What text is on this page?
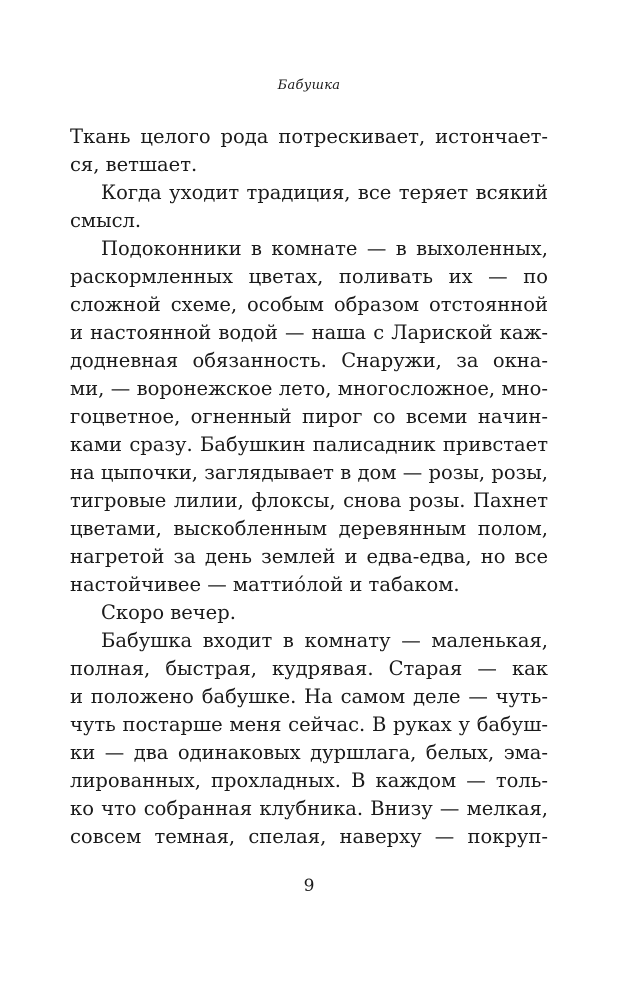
Бабушка
Ткань целого рода потрескивает, истончает-
ся, ветшает.
Когда уходит традиция, все теряет всякий
смысл.
Подоконники в комнате — в выхоленных,
раскормленных цветах, поливать их — по
сложной схеме, особым образом отстоянной
и настоянной водой — наша с Лариской каж-
додневная обязанность. Снаружи, за окна-
ми, — воронежское лето, многосложное, мно-
гоцветное, огненный пирог со всеми начин-
ками сразу. Бабушкин палисадник привстает
на цыпочки, заглядывает в дом — розы, розы,
тигровые лилии, флоксы, снова розы. Пахнет
цветами, выскобленным деревянным полом,
нагретой за день землей и едва-едва, но все
настойчивее — маттио́лой и табаком.
Скоро вечер.
Бабушка входит в комнату — маленькая,
полная, быстрая, кудрявая. Старая — как
и положено бабушке. На самом деле — чуть-
чуть постарше меня сейчас. В руках у бабуш-
ки — два одинаковых дуршлага, белых, эма-
лированных, прохладных. В каждом — толь-
ко что собранная клубника. Внизу — мелкая,
совсем темная, спелая, наверху — покруп-
9
